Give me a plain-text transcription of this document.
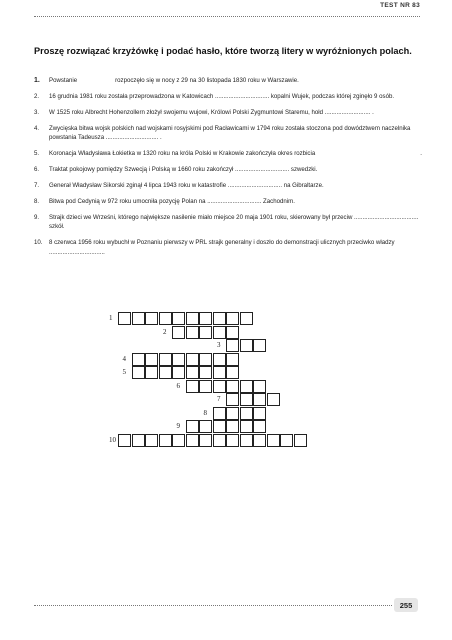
TEST NR 83
Proszę rozwiązać krzyżówkę i podać hasło, które tworzą litery w wyróżnionych polach.
1. Powstanie	rozpoczęło się w nocy z 29 na 30 listopada 1830 roku w Warszawie.
2. 16 grudnia 1981 roku została przeprowadzona w Katowicach ................................ kopalni Wujek, podczas której zginęło 9 osób.
3. W 1525 roku Albrecht Hohenzollern złożył swojemu wujowi, Królowi Polski Zygmuntowi Staremu, hołd ........................... .
4. Zwycięska bitwa wojsk polskich nad wojskami rosyjskimi pod Racławicami w 1794 roku została stoczona pod dowództwem naczelnika powstania Tadeusza ............................... .
5. Koronacja Władysława Łokietka w 1320 roku na króla Polski w Krakowie zakończyła okres rozbicia	.
6. Traktat pokojowy pomiędzy Szwecją i Polską w 1660 roku zakończył ................................ szwedzki.
7. Generał Władysław Sikorski zginął 4 lipca 1943 roku w katastrofie ................................ na Gibraltarze.
8. Bitwa pod Cedynią w 972 roku umocniła pozycję Polan na ................................ Zachodnim.
9. Strajk dzieci we Wrześni, którego największe nasilenie miało miejsce 20 maja 1901 roku, skierowany był przeciw ...................................... szkół.
10. 8 czerwca 1956 roku wybuchł w Poznaniu pierwszy w PRL strajk generalny i doszło do demonstracji ulicznych przeciwko władzy .................................
1
2
3
4
5
6
7
8
9
10
255
